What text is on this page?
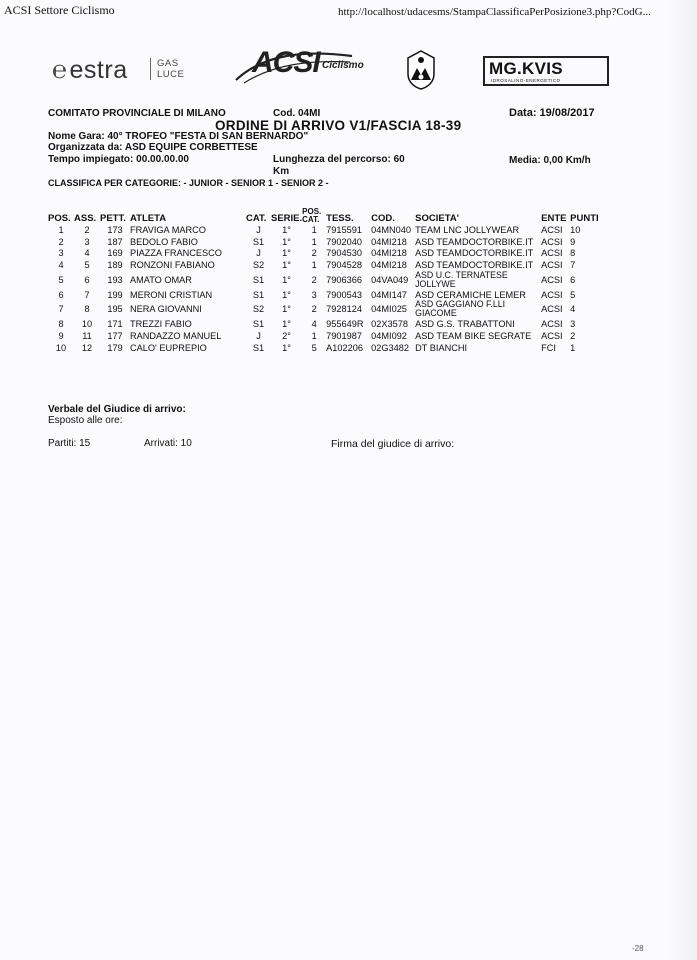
ACSI Settore Ciclismo	http://localhost/udacesms/StampaClassificaPerPosizione3.php?CodG...
℮estra	GAS
LUCE ACSI Ciclismo	MG.KVIS
IDROSALINO-ENERGETICO
COMITATO PROVINCIALE DI MILANO	Cod. 04MI	Data: 19/08/2017
ORDINE DI ARRIVO V1/FASCIA 18-39
Nome Gara: 40° TROFEO "FESTA DI SAN BERNARDO"
Organizzata da: ASD EQUIPE CORBETTESE
Tempo impiegato: 00.00.00.00	Lunghezza del percorso: 60
Km
Media: 0,00 Km/h
CLASSIFICA PER CATEGORIE: - JUNIOR - SENIOR 1 - SENIOR 2 -
POS.	ASS.	PETT.	ATLETA	CAT.	SERIE.	POS. CAT.	TESS.	COD.	SOCIETA'	ENTE	PUNTI
1	2	173	FRAVIGA MARCO	J	1°	1	7915591	04MN040	TEAM LNC JOLLYWEAR	ACSI	10
2	3	187	BEDOLO FABIO	S1	1°	1	7902040	04MI218	ASD TEAMDOCTORBIKE.IT	ACSI	9
3	4	169	PIAZZA FRANCESCO	J	1°	2	7904530	04MI218	ASD TEAMDOCTORBIKE.IT	ACSI	8
4	5	189	RONZONI FABIANO	S2	1°	1	7904528	04MI218	ASD TEAMDOCTORBIKE.IT	ACSI	7
5	6	193	AMATO OMAR	S1	1°	2	7906366	04VA049	ASD U.C. TERNATESE JOLLYWE	ACSI	6
6	7	199	MERONI CRISTIAN	S1	1°	3	7900543	04MI147	ASD CERAMICHE LEMER	ACSI	5
7	8	195	NERA GIOVANNI	S2	1°	2	7928124	04MI025	ASD GAGGIANO F.LLI GIACOME	ACSI	4
8	10	171	TREZZI FABIO	S1	1°	4	955649R	02X3578	ASD G.S. TRABATTONI	ACSI	3
9	11	177	RANDAZZO MANUEL	J	2°	1	7901987	04MI092	ASD TEAM BIKE SEGRATE	ACSI	2
10	12	179	CALO' EUPREPIO	S1	1°	5	A102206	02G3482	DT BIANCHI	FCI	1
Verbale del Giudice di arrivo:
Esposto alle ore:
Partiti: 15	Arrivati: 10	Firma del giudice di arrivo:
-28
